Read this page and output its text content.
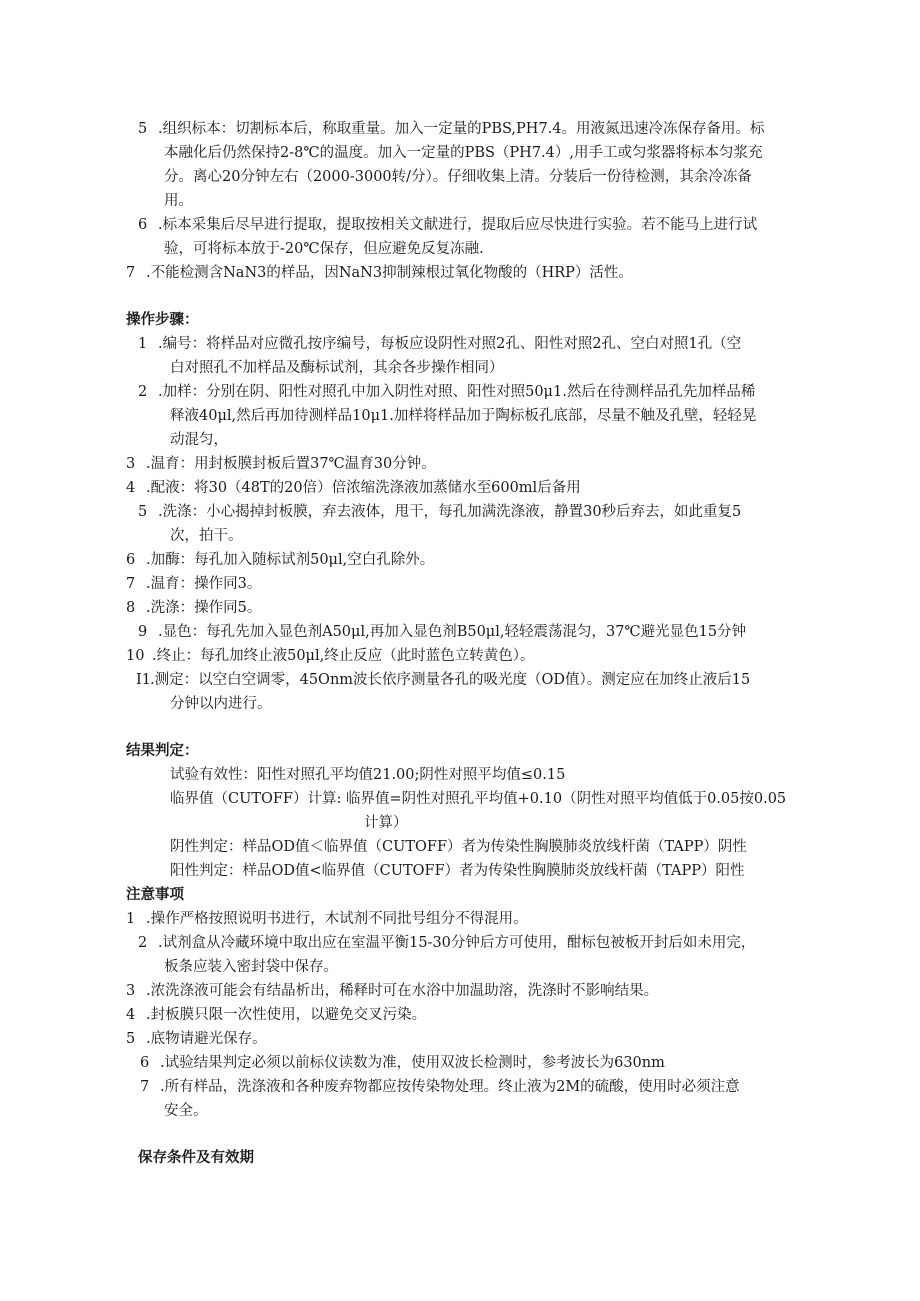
5 .组织标本：切割标本后，称取重量。加入一定量的PBS,PH7.4。用液氮迅速冷冻保存备用。标
本融化后仍然保持2-8℃的温度。加入一定量的PBS（PH7.4）,用手工或匀浆器将标本匀浆充
分。离心20分钟左右（2000-3000转/分）。仔细收集上清。分装后一份待检测，其余冷冻备
用。
6 .标本采集后尽早进行提取，提取按相关文献进行，提取后应尽快进行实验。若不能马上进行试
验，可将标本放于-20℃保存，但应避免反复冻融.
7 .不能检测含NaN3的样品，因NaN3抑制辣根过氧化物酸的（HRP）活性。
操作步骤：
1 .编号：将样品对应微孔按序编号，每板应设阴性对照2孔、阳性对照2孔、空白对照1孔（空
白对照孔不加样品及酶标试剂，其余各步操作相同）
2 .加样：分别在阴、阳性对照孔中加入阴性对照、阳性对照50μ1.然后在待测样品孔先加样品稀
释液40μl,然后再加待测样品10μ1.加样将样品加于陶标板孔底部，尽量不触及孔壁，轻轻晃
动混匀，
3 .温育：用封板膜封板后置37℃温育30分钟。
4 .配液：将30（48T的20倍）倍浓缩洗涤液加蒸储水至600ml后备用
5 .洗涤：小心揭掉封板膜，弃去液体，甩干，每孔加满洗涤液，静置30秒后弃去，如此重复5
次，拍干。
6 .加酶：每孔加入随标试剂50μl,空白孔除外。
7 .温育：操作同3。
8 .洗涤：操作同5。
9 .显色：每孔先加入显色剂A50μl,再加入显色剂B50μl,轻轻震荡混匀，37℃避光显色15分钟
10 .终止：每孔加终止液50μl,终止反应（此时蓝色立转黄色）。
I1 .测定：以空白空调零，45Onm波长依序测量各孔的吸光度（OD值）。测定应在加终止液后15
分钟以内进行。
结果判定：
试验有效性：阳性对照孔平均值21.00;阴性对照平均值≤0.15
临界值（CUTOFF）计算: 临界值=阴性对照孔平均值+0.10（阴性对照平均值低于0.05按0.05
计算）
阴性判定：样品OD值＜临界值（CUTOFF）者为传染性胸膜肺炎放线杆菌（TAPP）阴性
阳性判定：样品OD值<临界值（CUTOFF）者为传染性胸膜肺炎放线杆菌（TAPP）阳性
注意事项
1 .操作严格按照说明书进行，木试剂不同批号组分不得混用。
2 .试剂盒从冷藏环境中取出应在室温平衡15-30分钟后方可使用，酣标包被板开封后如未用完，
板条应装入密封袋中保存。
3 .浓洗涤液可能会有结晶析出，稀释时可在水浴中加温助溶，洗涤时不影响结果。
4 .封板膜只限一次性使用，以避免交叉污染。
5 .底物请避光保存。
6 .试验结果判定必须以前标仪读数为准，使用双波长检测时，参考波长为630nm
7 .所有样品，洗涤液和各种废弃物都应按传染物处理。终止液为2M的硫酸，使用时必须注意
安全。
保存条件及有效期
